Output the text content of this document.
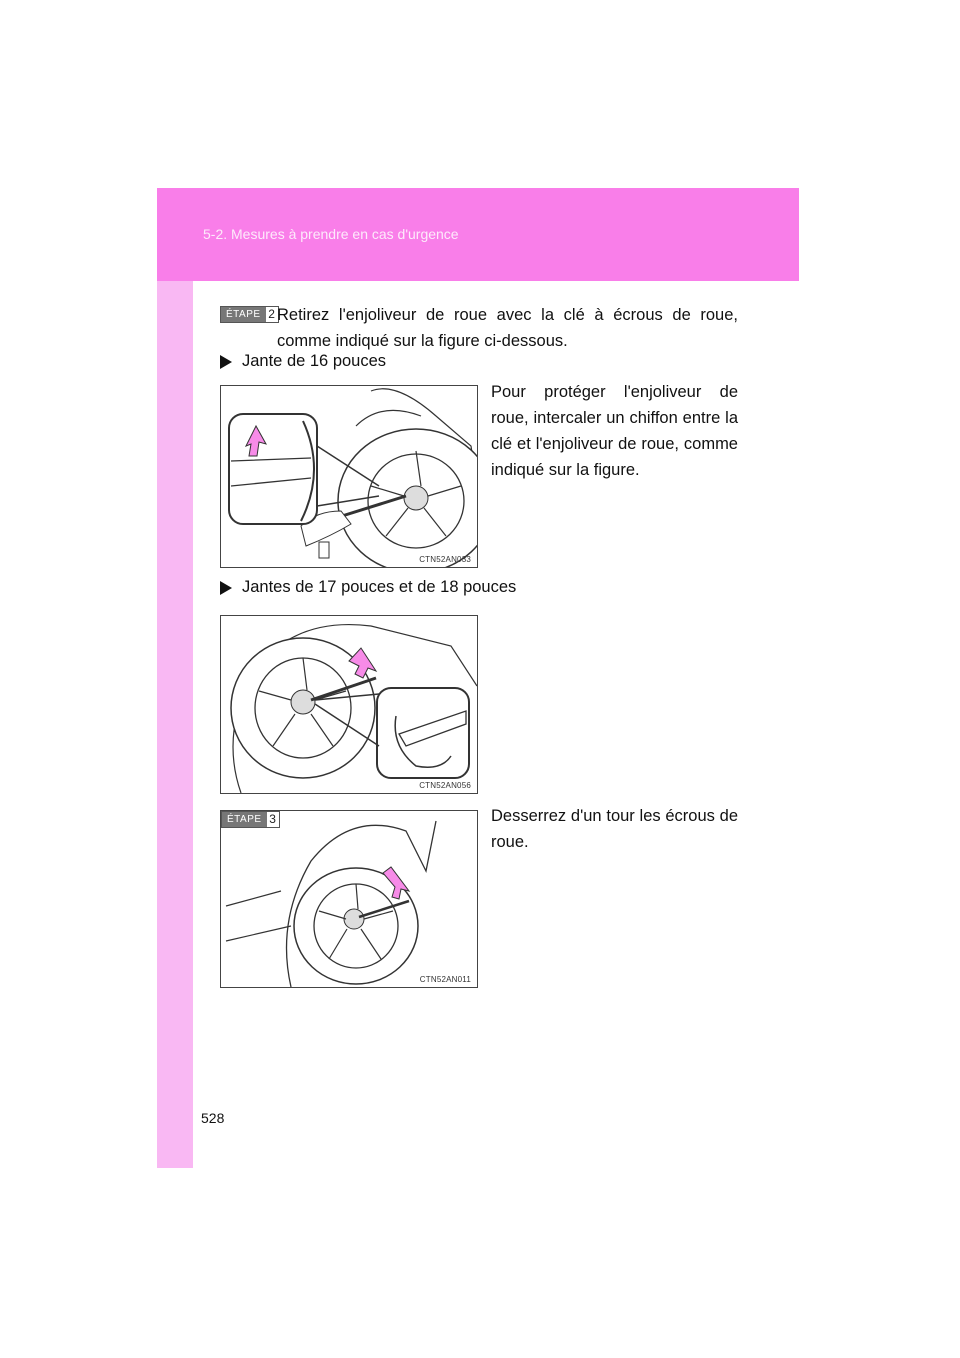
5-2. Mesures à prendre en cas d'urgence
ÉTAPE 2 Retirez l'enjoliveur de roue avec la clé à écrous de roue,
comme indiqué sur la figure ci-dessous.
Jante de 16 pouces
CTN52AN033
Pour protéger l'enjoliveur de roue, intercaler un chiffon entre la clé et l'enjoliveur de roue, comme indiqué sur la figure.
Jantes de 17 pouces et de 18 pouces
CTN52AN056
ÉTAPE 3
CTN52AN011
Desserrez d'un tour les écrous de roue.
528
